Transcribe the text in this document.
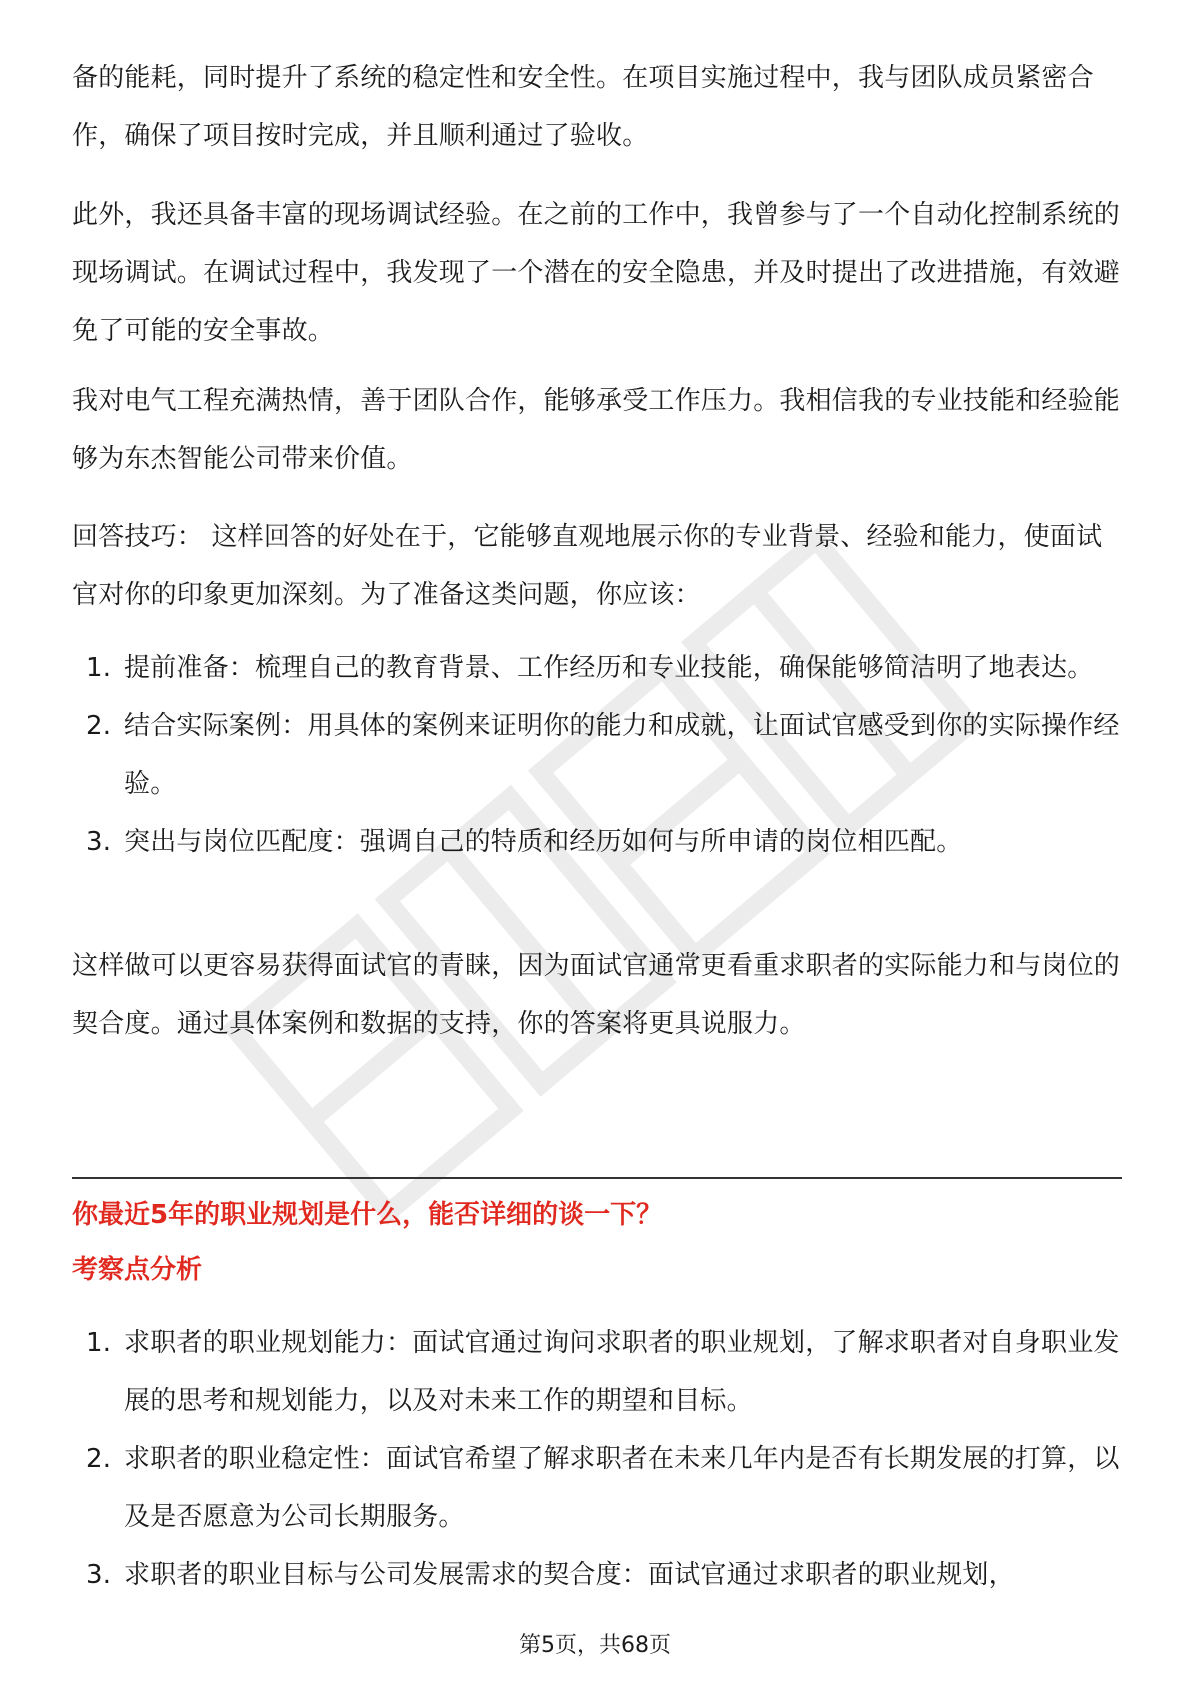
备的能耗，同时提升了系统的稳定性和安全性。在项目实施过程中，我与团队成员紧密合作，确保了项目按时完成，并且顺利通过了验收。

此外，我还具备丰富的现场调试经验。在之前的工作中，我曾参与了一个自动化控制系统的现场调试。在调试过程中，我发现了一个潜在的安全隐患，并及时提出了改进措施，有效避免了可能的安全事故。

我对电气工程充满热情，善于团队合作，能够承受工作压力。我相信我的专业技能和经验能够为东杰智能公司带来价值。

回答技巧： 这样回答的好处在于，它能够直观地展示你的专业背景、经验和能力，使面试官对你的印象更加深刻。为了准备这类问题，你应该：

1. 提前准备：梳理自己的教育背景、工作经历和专业技能，确保能够简洁明了地表达。
2. 结合实际案例：用具体的案例来证明你的能力和成就，让面试官感受到你的实际操作经验。
3. 突出与岗位匹配度：强调自己的特质和经历如何与所申请的岗位相匹配。

这样做可以更容易获得面试官的青睐，因为面试官通常更看重求职者的实际能力和与岗位的契合度。通过具体案例和数据的支持，你的答案将更具说服力。

你最近5年的职业规划是什么，能否详细的谈一下？
考察点分析
1. 求职者的职业规划能力：面试官通过询问求职者的职业规划，了解求职者对自身职业发展的思考和规划能力，以及对未来工作的期望和目标。
2. 求职者的职业稳定性：面试官希望了解求职者在未来几年内是否有长期发展的打算，以及是否愿意为公司长期服务。
3. 求职者的职业目标与公司发展需求的契合度：面试官通过求职者的职业规划，
第5页，共68页
